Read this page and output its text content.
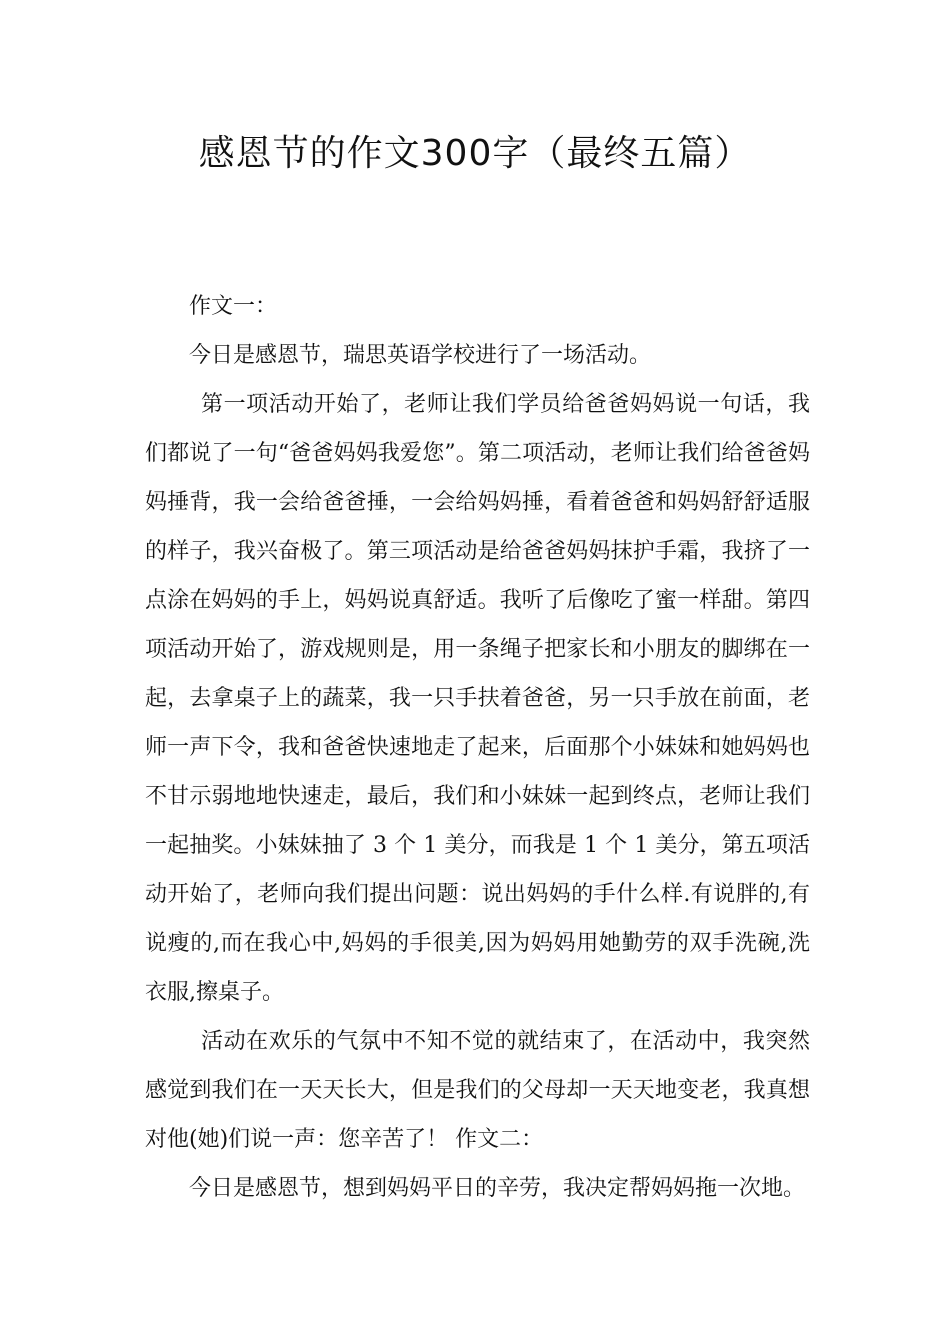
感恩节的作文300字（最终五篇）

作文一：

今日是感恩节，瑞思英语学校进行了一场活动。

第一项活动开始了，老师让我们学员给爸爸妈妈说一句话，我们都说了一句“爸爸妈妈我爱您”。第二项活动，老师让我们给爸爸妈妈捶背，我一会给爸爸捶，一会给妈妈捶，看着爸爸和妈妈舒舒适服的样子，我兴奋极了。第三项活动是给爸爸妈妈抹护手霜，我挤了一点涂在妈妈的手上，妈妈说真舒适。我听了后像吃了蜜一样甜。第四项活动开始了，游戏规则是，用一条绳子把家长和小朋友的脚绑在一起，去拿桌子上的蔬菜，我一只手扶着爸爸，另一只手放在前面，老师一声下令，我和爸爸快速地走了起来，后面那个小妹妹和她妈妈也不甘示弱地地快速走，最后，我们和小妹妹一起到终点，老师让我们一起抽奖。小妹妹抽了 3 个 1 美分，而我是 1 个 1 美分，第五项活动开始了，老师向我们提出问题：说出妈妈的手什么样.有说胖的,有说瘦的,而在我心中,妈妈的手很美,因为妈妈用她勤劳的双手洗碗,洗衣服,擦桌子。

活动在欢乐的气氛中不知不觉的就结束了，在活动中，我突然感觉到我们在一天天长大，但是我们的父母却一天天地变老，我真想对他(她)们说一声：您辛苦了！ 作文二：

今日是感恩节，想到妈妈平日的辛劳，我决定帮妈妈拖一次地。
